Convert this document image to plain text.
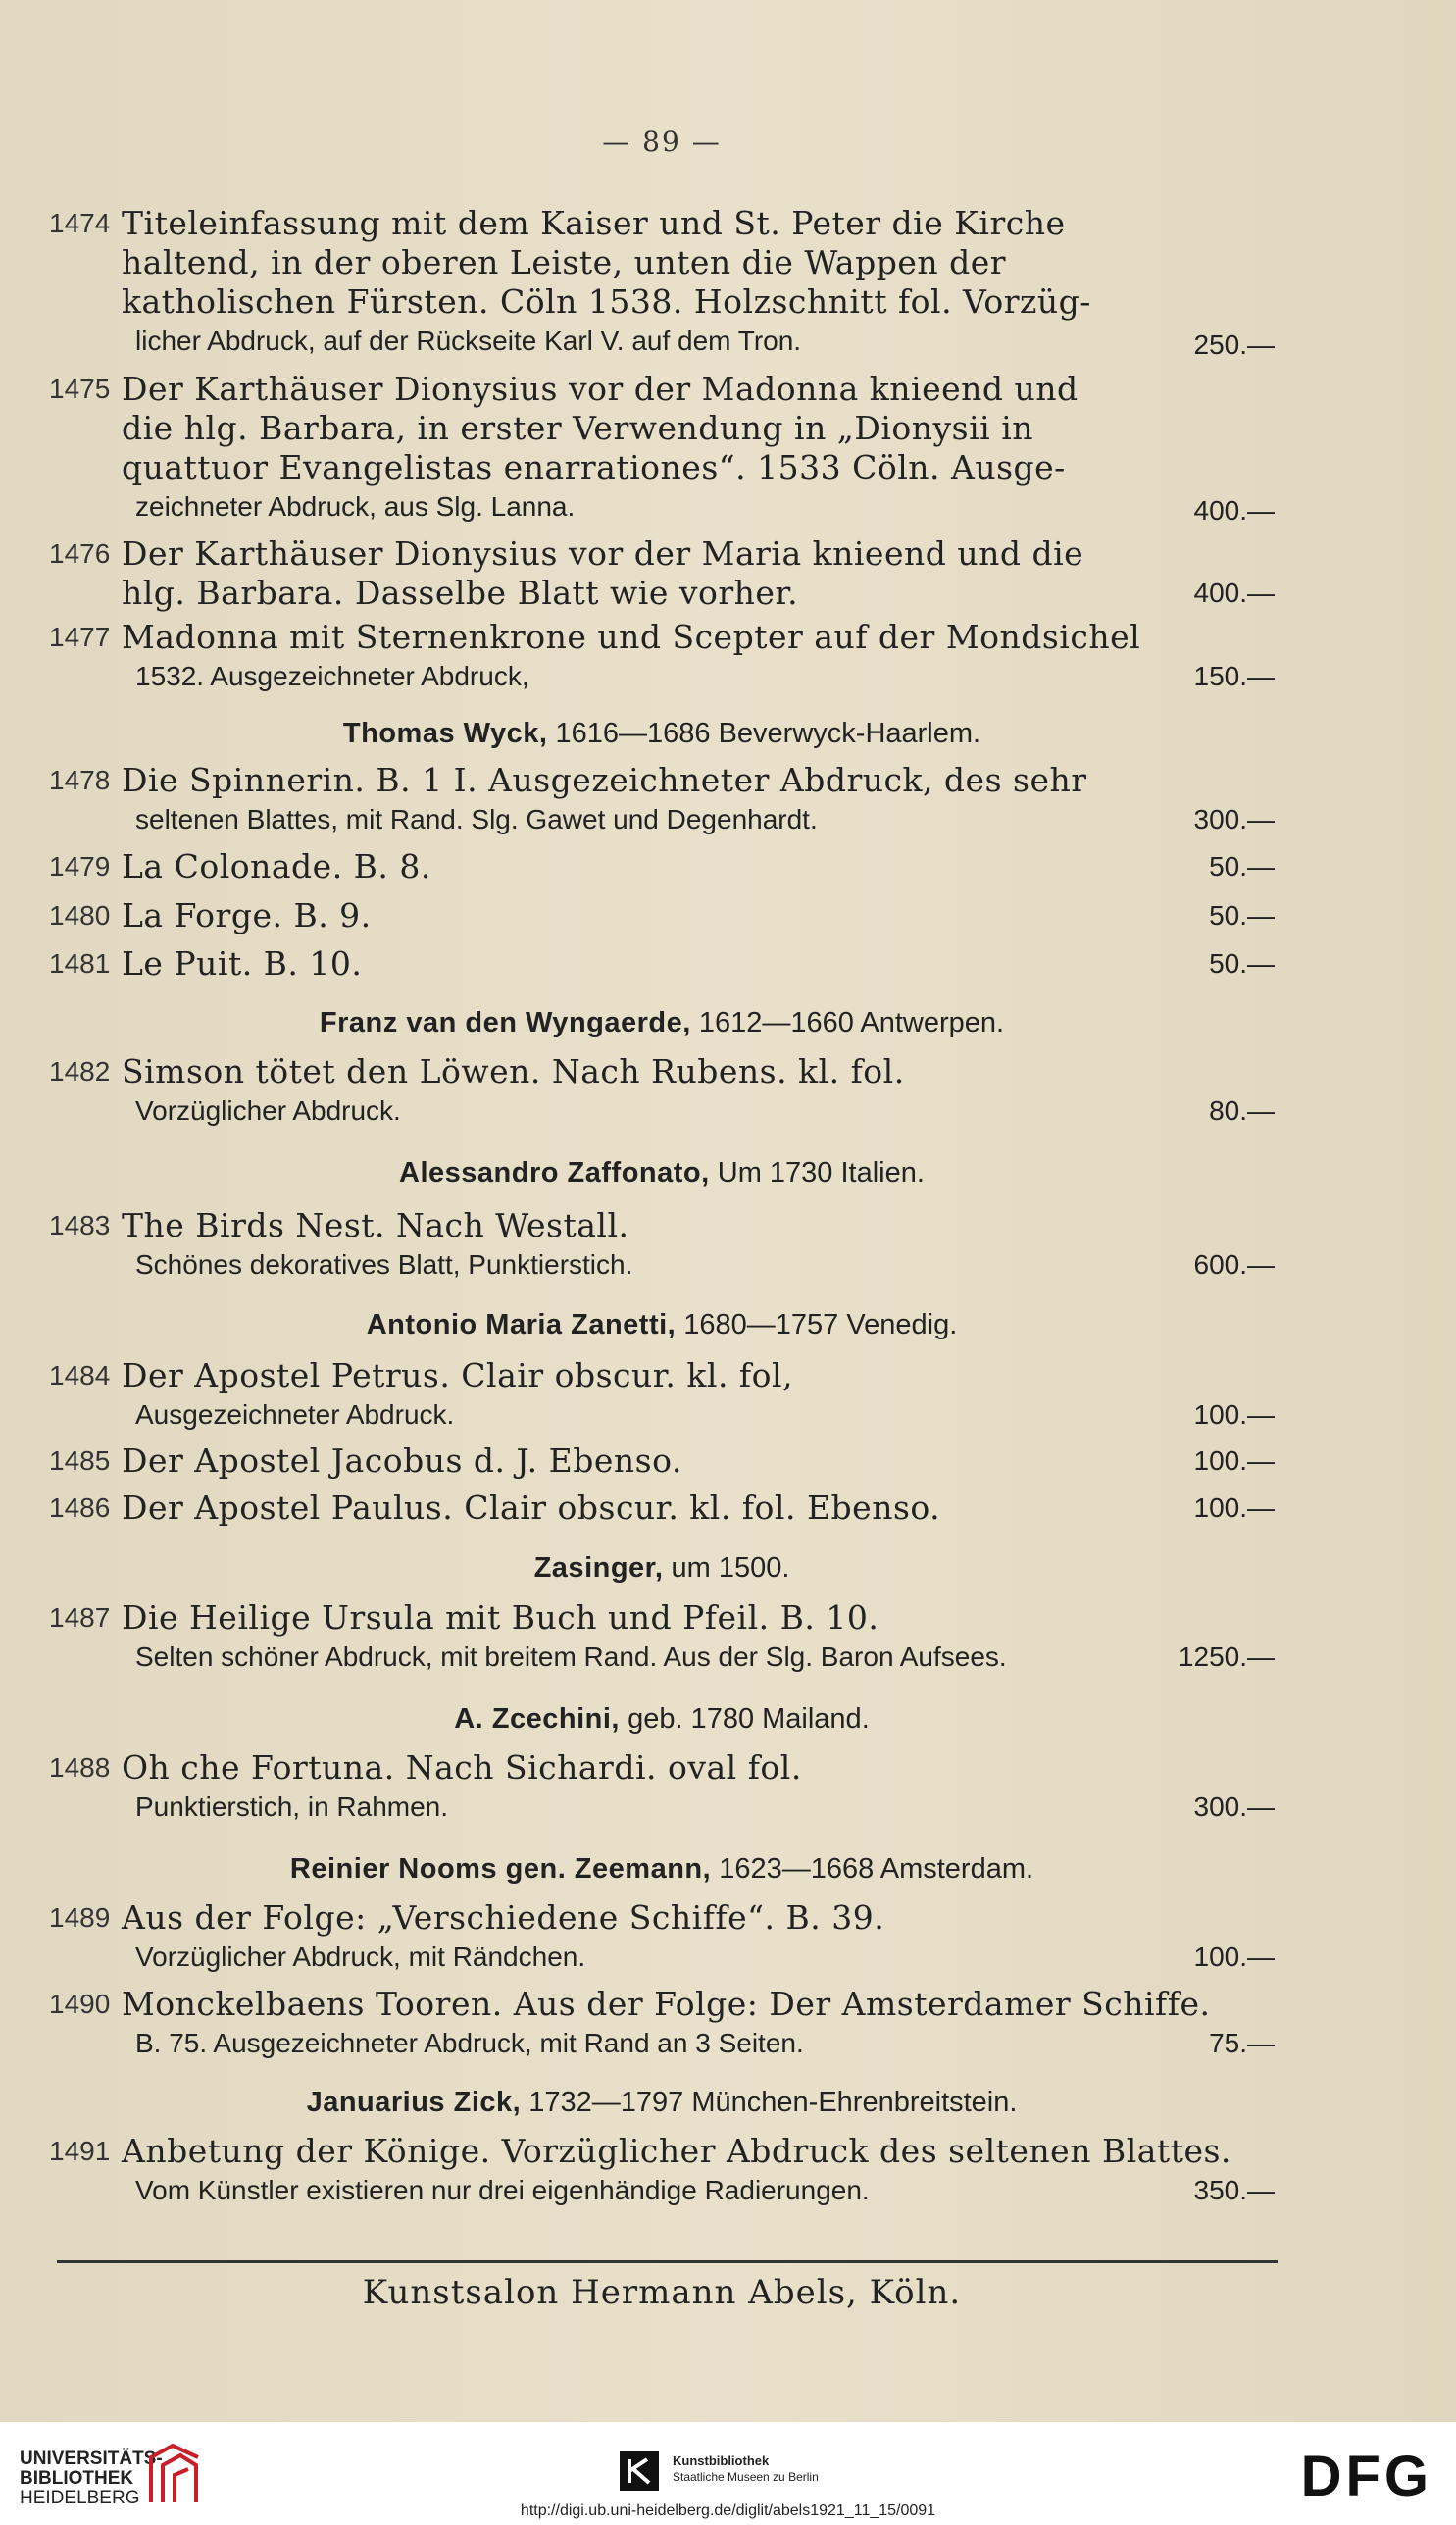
— 89 —
1474 Titeleinfassung mit dem Kaiser und St. Peter die Kirche
haltend, in der oberen Leiste, unten die Wappen der
katholischen Fürsten. Cöln 1538. Holzschnitt fol. Vorzüg-
licher Abdruck, auf der Rückseite Karl V. auf dem Tron.	250.—
1475 Der Karthäuser Dionysius vor der Madonna knieend und
die hlg. Barbara, in erster Verwendung in „Dionysii in
quattuor Evangelistas enarrationes“. 1533 Cöln. Ausge-
zeichneter Abdruck, aus Slg. Lanna.	400.—
1476 Der Karthäuser Dionysius vor der Maria knieend und die
hlg. Barbara. Dasselbe Blatt wie vorher.	400.—
1477 Madonna mit Sternenkrone und Scepter auf der Mondsichel
1532. Ausgezeichneter Abdruck,	150.—
Thomas Wyck, 1616—1686 Beverwyck-Haarlem.
1478 Die Spinnerin. B. 1 I. Ausgezeichneter Abdruck, des sehr
seltenen Blattes, mit Rand. Slg. Gawet und Degenhardt.	300.—
1479 La Colonade. B. 8.	50.—
1480 La Forge. B. 9.	50.—
1481 Le Puit. B. 10.	50.—
Franz van den Wyngaerde, 1612—1660 Antwerpen.
1482 Simson tötet den Löwen. Nach Rubens. kl. fol.
Vorzüglicher Abdruck.	80.—
Alessandro Zaffonato, Um 1730 Italien.
1483 The Birds Nest. Nach Westall.
Schönes dekoratives Blatt, Punktierstich.	600.—
Antonio Maria Zanetti, 1680—1757 Venedig.
1484 Der Apostel Petrus. Clair obscur. kl. fol,
Ausgezeichneter Abdruck.	100.—
1485 Der Apostel Jacobus d. J. Ebenso.	100.—
1486 Der Apostel Paulus. Clair obscur. kl. fol. Ebenso.	100.—
Zasinger, um 1500.
1487 Die Heilige Ursula mit Buch und Pfeil. B. 10.
Selten schöner Abdruck, mit breitem Rand. Aus der Slg. Baron Aufsees.	1250.—
A. Zcechini, geb. 1780 Mailand.
1488 Oh che Fortuna. Nach Sichardi. oval fol.
Punktierstich, in Rahmen.	300.—
Reinier Nooms gen. Zeemann, 1623—1668 Amsterdam.
1489 Aus der Folge: „Verschiedene Schiffe“. B. 39.
Vorzüglicher Abdruck, mit Rändchen.	100.—
1490 Monckelbaens Tooren. Aus der Folge: Der Amsterdamer Schiffe.
B. 75. Ausgezeichneter Abdruck, mit Rand an 3 Seiten.	75.—
Januarius Zick, 1732—1797 München-Ehrenbreitstein.
1491 Anbetung der Könige. Vorzüglicher Abdruck des seltenen Blattes.
Vom Künstler existieren nur drei eigenhändige Radierungen.	350.—
Kunstsalon Hermann Abels, Köln.
UNIVERSITÄTS-
BIBLIOTHEK
HEIDELBERG
Kunstbibliothek
Staatliche Museen zu Berlin	DFG
http://digi.ub.uni-heidelberg.de/diglit/abels1921_11_15/0091
